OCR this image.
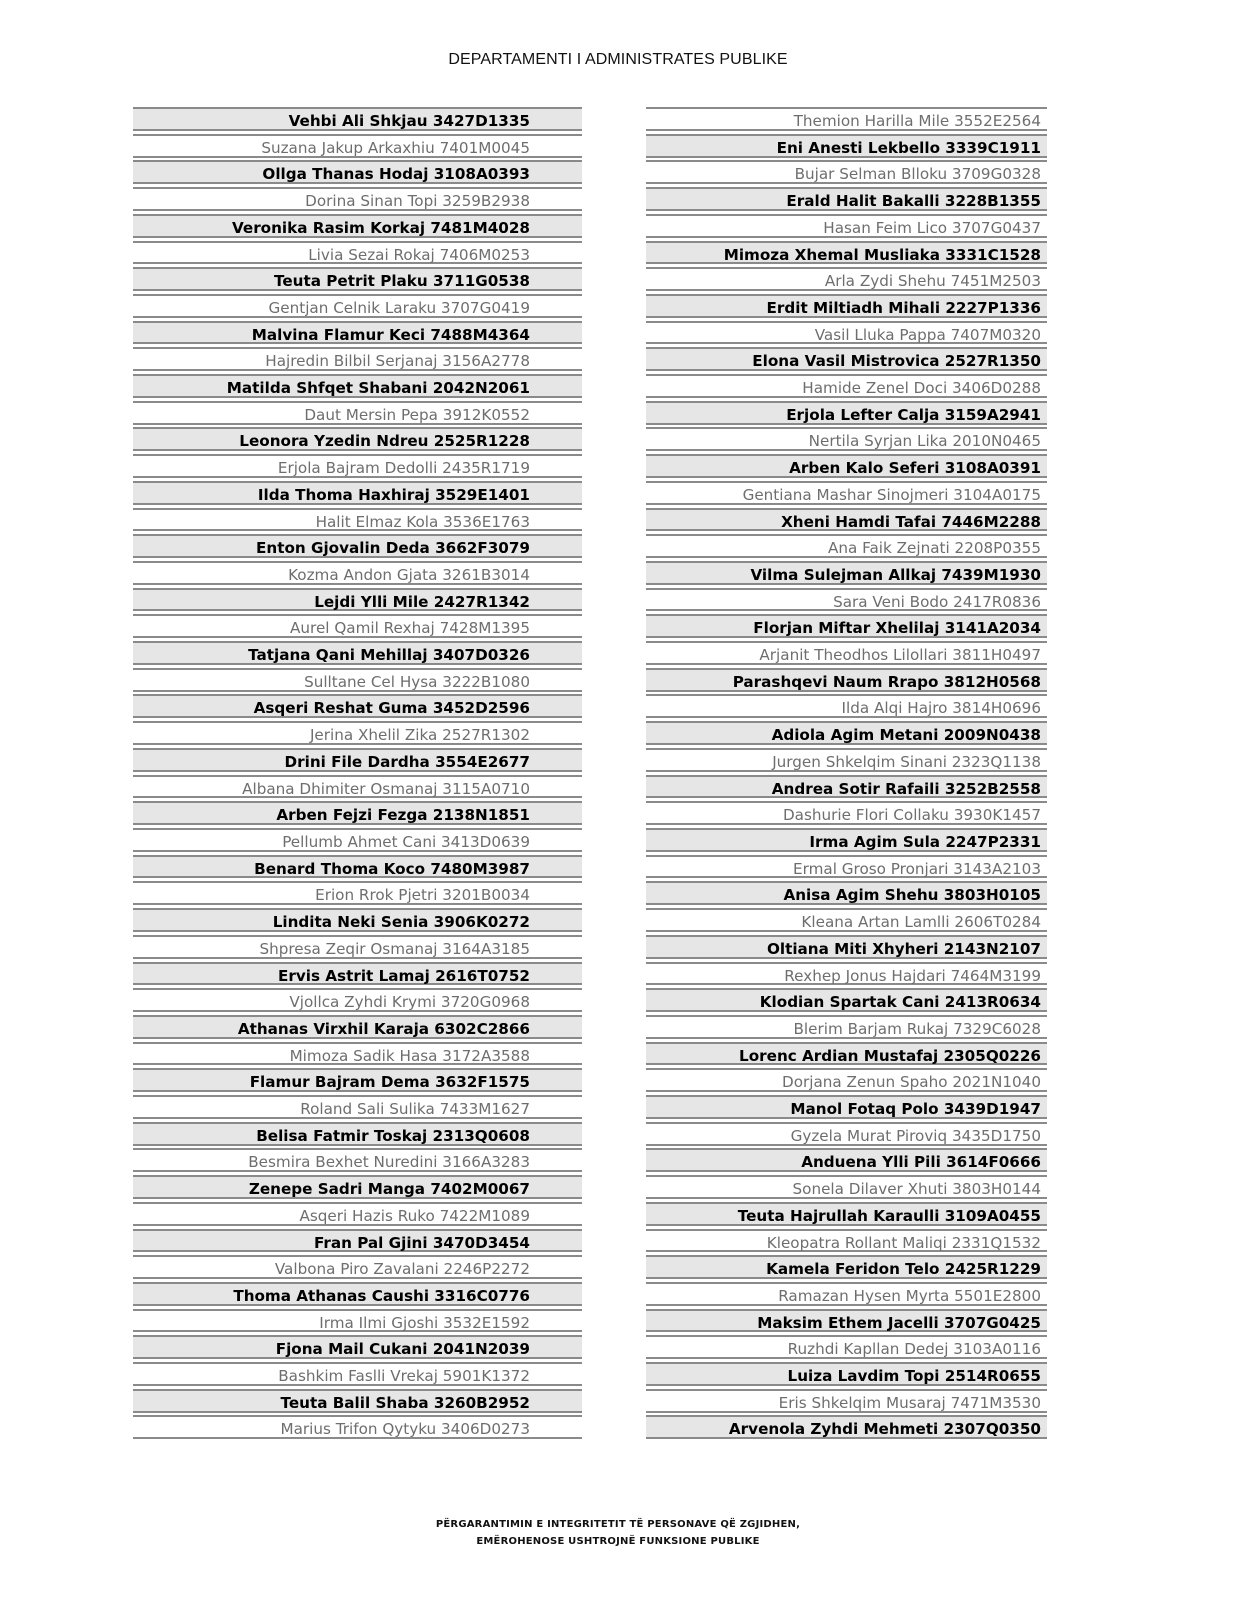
DEPARTAMENTI I ADMINISTRATES PUBLIKE
Vehbi Ali Shkjau 3427D1335
Suzana Jakup Arkaxhiu 7401M0045
Ollga Thanas Hodaj 3108A0393
Dorina Sinan Topi 3259B2938
Veronika Rasim Korkaj 7481M4028
Livia Sezai Rokaj 7406M0253
Teuta Petrit Plaku 3711G0538
Gentjan Celnik Laraku 3707G0419
Malvina Flamur Keci 7488M4364
Hajredin Bilbil Serjanaj 3156A2778
Matilda Shfqet Shabani 2042N2061
Daut Mersin Pepa 3912K0552
Leonora Yzedin Ndreu 2525R1228
Erjola Bajram Dedolli 2435R1719
Ilda Thoma Haxhiraj 3529E1401
Halit Elmaz Kola 3536E1763
Enton Gjovalin Deda 3662F3079
Kozma Andon Gjata 3261B3014
Lejdi Ylli Mile 2427R1342
Aurel Qamil Rexhaj 7428M1395
Tatjana Qani Mehillaj 3407D0326
Sulltane Cel Hysa 3222B1080
Asqeri Reshat Guma 3452D2596
Jerina Xhelil Zika 2527R1302
Drini File Dardha 3554E2677
Albana Dhimiter Osmanaj 3115A0710
Arben Fejzi Fezga 2138N1851
Pellumb Ahmet Cani 3413D0639
Benard Thoma Koco 7480M3987
Erion Rrok Pjetri 3201B0034
Lindita Neki Senia 3906K0272
Shpresa Zeqir Osmanaj 3164A3185
Ervis Astrit Lamaj 2616T0752
Vjollca Zyhdi Krymi 3720G0968
Athanas Virxhil Karaja 6302C2866
Mimoza Sadik Hasa 3172A3588
Flamur Bajram Dema 3632F1575
Roland Sali Sulika 7433M1627
Belisa Fatmir Toskaj 2313Q0608
Besmira Bexhet Nuredini 3166A3283
Zenepe Sadri Manga 7402M0067
Asqeri Hazis Ruko 7422M1089
Fran Pal Gjini 3470D3454
Valbona Piro Zavalani 2246P2272
Thoma Athanas Caushi 3316C0776
Irma Ilmi Gjoshi 3532E1592
Fjona Mail Cukani 2041N2039
Bashkim Faslli Vrekaj 5901K1372
Teuta Balil Shaba 3260B2952
Marius Trifon Qytyku 3406D0273
Themion Harilla Mile 3552E2564
Eni Anesti Lekbello 3339C1911
Bujar Selman Blloku 3709G0328
Erald Halit Bakalli 3228B1355
Hasan Feim Lico 3707G0437
Mimoza Xhemal Musliaka 3331C1528
Arla Zydi Shehu 7451M2503
Erdit Miltiadh Mihali 2227P1336
Vasil Lluka Pappa 7407M0320
Elona Vasil Mistrovica 2527R1350
Hamide Zenel Doci 3406D0288
Erjola Lefter Calja 3159A2941
Nertila Syrjan Lika 2010N0465
Arben Kalo Seferi 3108A0391
Gentiana Mashar Sinojmeri 3104A0175
Xheni Hamdi Tafai 7446M2288
Ana Faik Zejnati 2208P0355
Vilma Sulejman Allkaj 7439M1930
Sara Veni Bodo 2417R0836
Florjan Miftar Xhelilaj 3141A2034
Arjanit Theodhos Lilollari 3811H0497
Parashqevi Naum Rrapo 3812H0568
Ilda Alqi Hajro 3814H0696
Adiola Agim Metani 2009N0438
Jurgen Shkelqim Sinani 2323Q1138
Andrea Sotir Rafaili 3252B2558
Dashurie Flori Collaku 3930K1457
Irma Agim Sula 2247P2331
Ermal Groso Pronjari 3143A2103
Anisa Agim Shehu 3803H0105
Kleana Artan Lamlli 2606T0284
Oltiana Miti Xhyheri 2143N2107
Rexhep Jonus Hajdari 7464M3199
Klodian Spartak Cani 2413R0634
Blerim Barjam Rukaj 7329C6028
Lorenc Ardian Mustafaj 2305Q0226
Dorjana Zenun Spaho 2021N1040
Manol Fotaq Polo 3439D1947
Gyzela Murat Piroviq 3435D1750
Anduena Ylli Pili 3614F0666
Sonela Dilaver Xhuti 3803H0144
Teuta Hajrullah Karaulli 3109A0455
Kleopatra Rollant Maliqi 2331Q1532
Kamela Feridon Telo 2425R1229
Ramazan Hysen Myrta 5501E2800
Maksim Ethem Jacelli 3707G0425
Ruzhdi Kapllan Dedej 3103A0116
Luiza Lavdim Topi 2514R0655
Eris Shkelqim Musaraj 7471M3530
Arvenola Zyhdi Mehmeti 2307Q0350
PËRGARANTIMIN E INTEGRITETIT TË PERSONAVE QË ZGJIDHEN,
EMËROHENOSE USHTROJNË FUNKSIONE PUBLIKE
